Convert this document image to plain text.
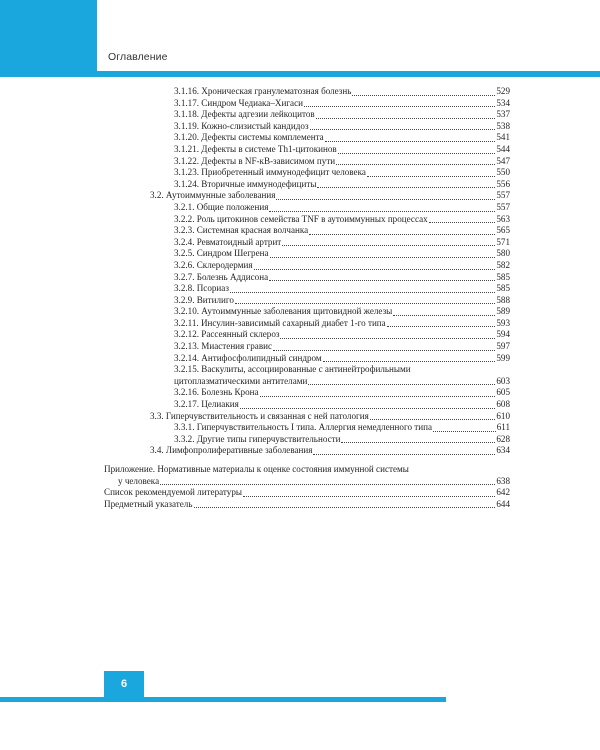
Оглавление
3.1.16. Хроническая гранулематозная болезнь	529
3.1.17. Синдром Чедиака–Хигаси	534
3.1.18. Дефекты адгезии лейкоцитов	537
3.1.19. Кожно-слизистый кандидоз	538
3.1.20. Дефекты системы комплемента	541
3.1.21. Дефекты в системе Th1-цитокинов	544
3.1.22. Дефекты в NF-кВ-зависимом пути	547
3.1.23. Приобретенный иммунодефицит человека	550
3.1.24. Вторичные иммунодефициты	556
3.2. Аутоиммунные заболевания	557
3.2.1. Общие положения	557
3.2.2. Роль цитокинов семейства TNF в аутоиммунных процессах	563
3.2.3. Системная красная волчанка	565
3.2.4. Ревматоидный артрит	571
3.2.5. Синдром Шегрена	580
3.2.6. Склеродермия	582
3.2.7. Болезнь Аддисона	585
3.2.8. Псориаз	585
3.2.9. Витилиго	588
3.2.10. Аутоиммунные заболевания щитовидной железы	589
3.2.11. Инсулин-зависимый сахарный диабет 1-го типа	593
3.2.12. Рассеянный склероз	594
3.2.13. Миастения гравис	597
3.2.14. Антифосфолипидный синдром	599
3.2.15. Васкулиты, ассоциированные с антинейтрофильными
цитоплазматическими антителами	603
3.2.16. Болезнь Крона	605
3.2.17. Целиакия	608
3.3. Гиперчувствительность и связанная с ней патология	610
3.3.1. Гиперчувствительность I типа. Аллергия немедленного типа	611
3.3.2. Другие типы гиперчувствительности	628
3.4. Лимфопролиферативные заболевания	634
Приложение. Нормативные материалы к оценке состояния иммунной системы
у человека	638
Список рекомендуемой литературы	642
Предметный указатель	644
6
